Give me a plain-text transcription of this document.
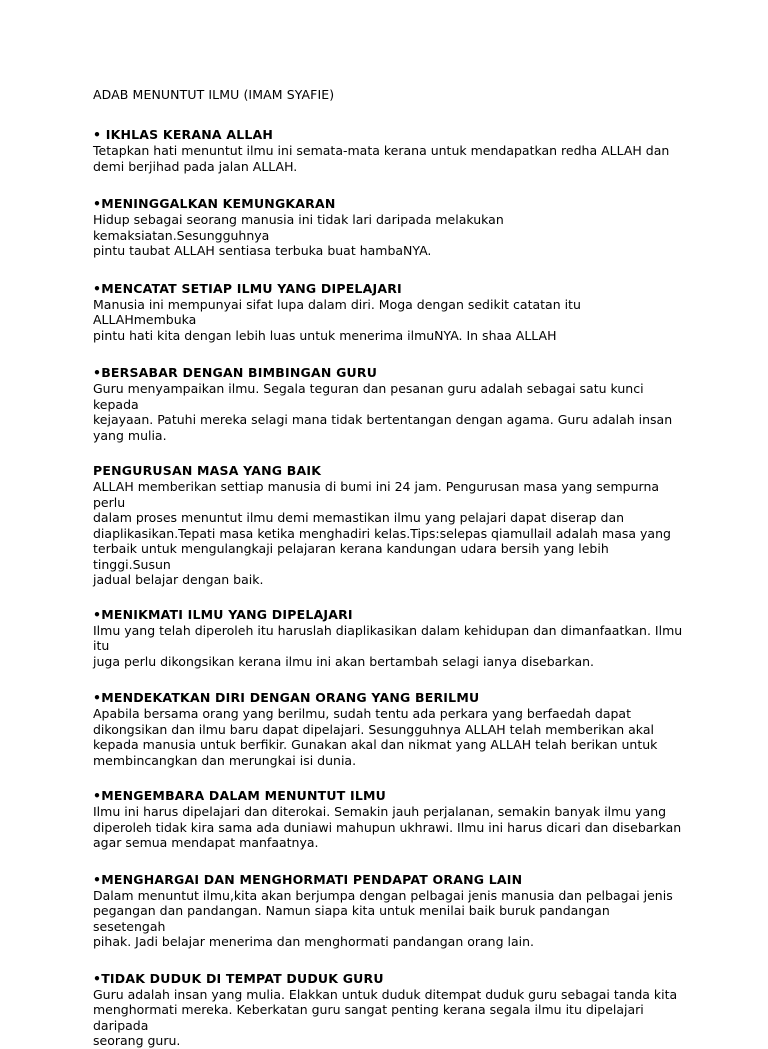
ADAB MENUNTUT ILMU (IMAM SYAFIE)
• IKHLAS KERANA ALLAH
Tetapkan hati menuntut ilmu ini semata-mata kerana untuk mendapatkan redha ALLAH dan
demi berjihad pada jalan ALLAH.
•MENINGGALKAN KEMUNGKARAN
Hidup sebagai seorang manusia ini tidak lari daripada melakukan kemaksiatan.Sesungguhnya
pintu taubat ALLAH sentiasa terbuka buat hambaNYA.
•MENCATAT SETIAP ILMU YANG DIPELAJARI
Manusia ini mempunyai sifat lupa dalam diri. Moga dengan sedikit catatan itu ALLAHmembuka
pintu hati kita dengan lebih luas untuk menerima ilmuNYA. In shaa ALLAH
•BERSABAR DENGAN BIMBINGAN GURU
Guru menyampaikan ilmu. Segala teguran dan pesanan guru adalah sebagai satu kunci kepada
kejayaan. Patuhi mereka selagi mana tidak bertentangan dengan agama. Guru adalah insan
yang mulia.
PENGURUSAN MASA YANG BAIK
ALLAH memberikan settiap manusia di bumi ini 24 jam. Pengurusan masa yang sempurna perlu
dalam proses menuntut ilmu demi memastikan ilmu yang pelajari dapat diserap dan
diaplikasikan.Tepati masa ketika menghadiri kelas.Tips:selepas qiamullail adalah masa yang
terbaik untuk mengulangkaji pelajaran kerana kandungan udara bersih yang lebih tinggi.Susun
jadual belajar dengan baik.
•MENIKMATI ILMU YANG DIPELAJARI
Ilmu yang telah diperoleh itu haruslah diaplikasikan dalam kehidupan dan dimanfaatkan. Ilmu itu
juga perlu dikongsikan kerana ilmu ini akan bertambah selagi ianya disebarkan.
•MENDEKATKAN DIRI DENGAN ORANG YANG BERILMU
Apabila bersama orang yang berilmu, sudah tentu ada perkara yang berfaedah dapat
dikongsikan dan ilmu baru dapat dipelajari. Sesungguhnya ALLAH telah memberikan akal
kepada manusia untuk berfikir. Gunakan akal dan nikmat yang ALLAH telah berikan untuk
membincangkan dan merungkai isi dunia.
•MENGEMBARA DALAM MENUNTUT ILMU
Ilmu ini harus dipelajari dan diterokai. Semakin jauh perjalanan, semakin banyak ilmu yang
diperoleh tidak kira sama ada duniawi mahupun ukhrawi. Ilmu ini harus dicari dan disebarkan
agar semua mendapat manfaatnya.
•MENGHARGAI DAN MENGHORMATI PENDAPAT ORANG LAIN
Dalam menuntut ilmu,kita akan berjumpa dengan pelbagai jenis manusia dan pelbagai jenis
pegangan dan pandangan. Namun siapa kita untuk menilai baik buruk pandangan sesetengah
pihak. Jadi belajar menerima dan menghormati pandangan orang lain.
•TIDAK DUDUK DI TEMPAT DUDUK GURU
Guru adalah insan yang mulia. Elakkan untuk duduk ditempat duduk guru sebagai tanda kita
menghormati mereka. Keberkatan guru sangat penting kerana segala ilmu itu dipelajari daripada
seorang guru.
